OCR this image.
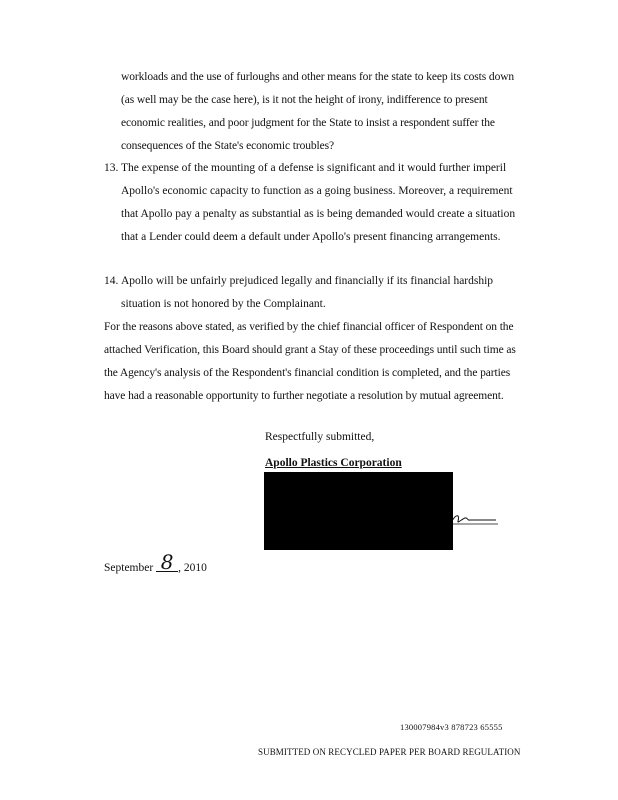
workloads and the use of furloughs and other means for the state to keep its costs down (as well may be the case here), is it not the height of irony, indifference to present economic realities, and poor judgment for the State to insist a respondent suffer the consequences of the State's economic troubles?
13. The expense of the mounting of a defense is significant and it would further imperil Apollo's economic capacity to function as a going business. Moreover, a requirement that Apollo pay a penalty as substantial as is being demanded would create a situation that a Lender could deem a default under Apollo's present financing arrangements.
14. Apollo will be unfairly prejudiced legally and financially if its financial hardship situation is not honored by the Complainant.
For the reasons above stated, as verified by the chief financial officer of Respondent on the attached Verification, this Board should grant a Stay of these proceedings until such time as the Agency's analysis of the Respondent's financial condition is completed, and the parties have had a reasonable opportunity to further negotiate a resolution by mutual agreement.
Respectfully submitted,
Apollo Plastics Corporation
September 8 , 2010
130007984v3 878723 65555
SUBMITTED ON RECYCLED PAPER PER BOARD REGULATION
